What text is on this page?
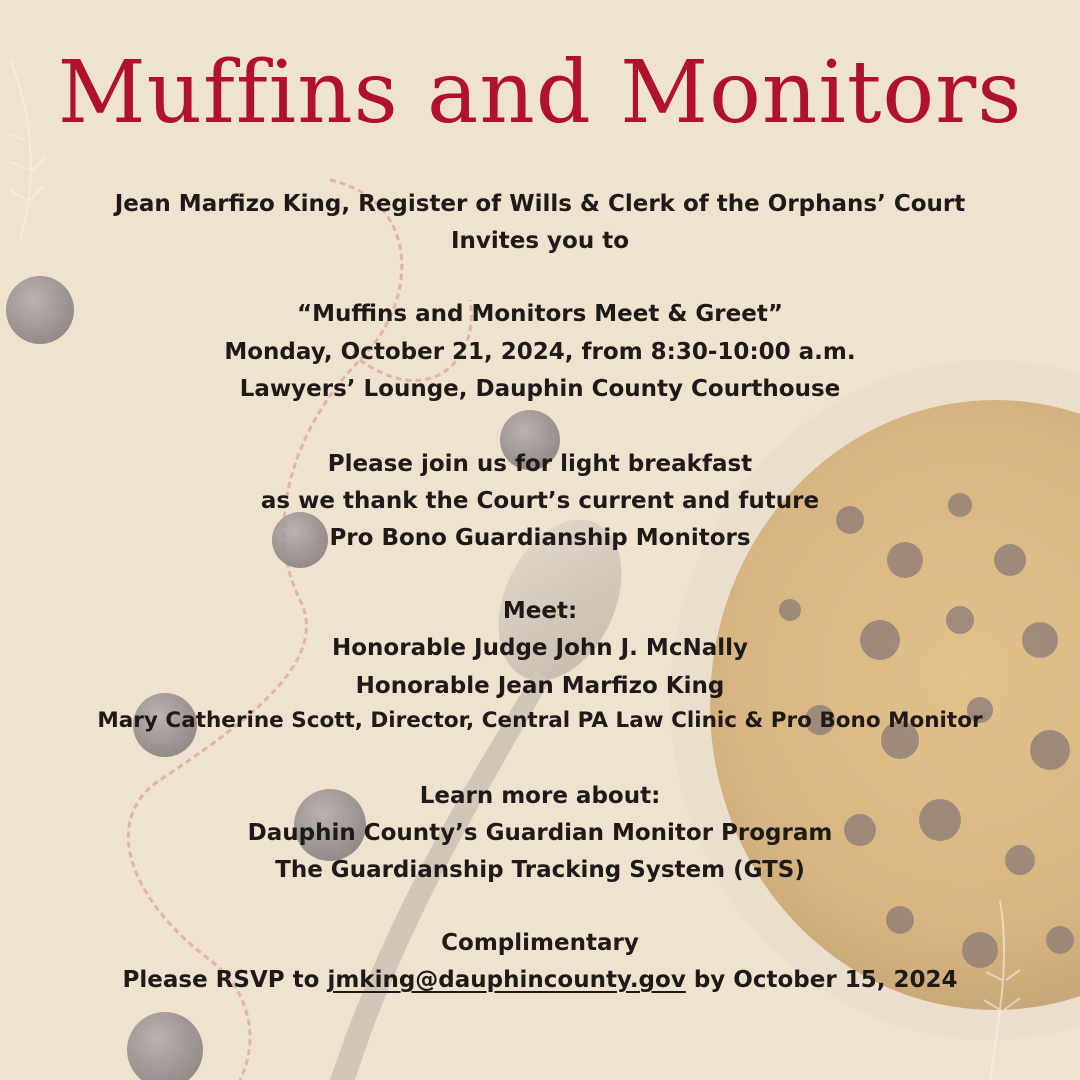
Muffins and Monitors
Jean Marfizo King, Register of Wills & Clerk of the Orphans’ Court
Invites you to
“Muffins and Monitors Meet & Greet”
Monday, October 21, 2024, from 8:30-10:00 a.m.
Lawyers’ Lounge, Dauphin County Courthouse
Please join us for light breakfast
as we thank the Court’s current and future
Pro Bono Guardianship Monitors
Meet:
Honorable Judge John J. McNally
Honorable Jean Marfizo King
Mary Catherine Scott, Director, Central PA Law Clinic & Pro Bono Monitor
Learn more about:
Dauphin County’s Guardian Monitor Program
The Guardianship Tracking System (GTS)
Complimentary
Please RSVP to jmking@dauphincounty.gov by October 15, 2024
